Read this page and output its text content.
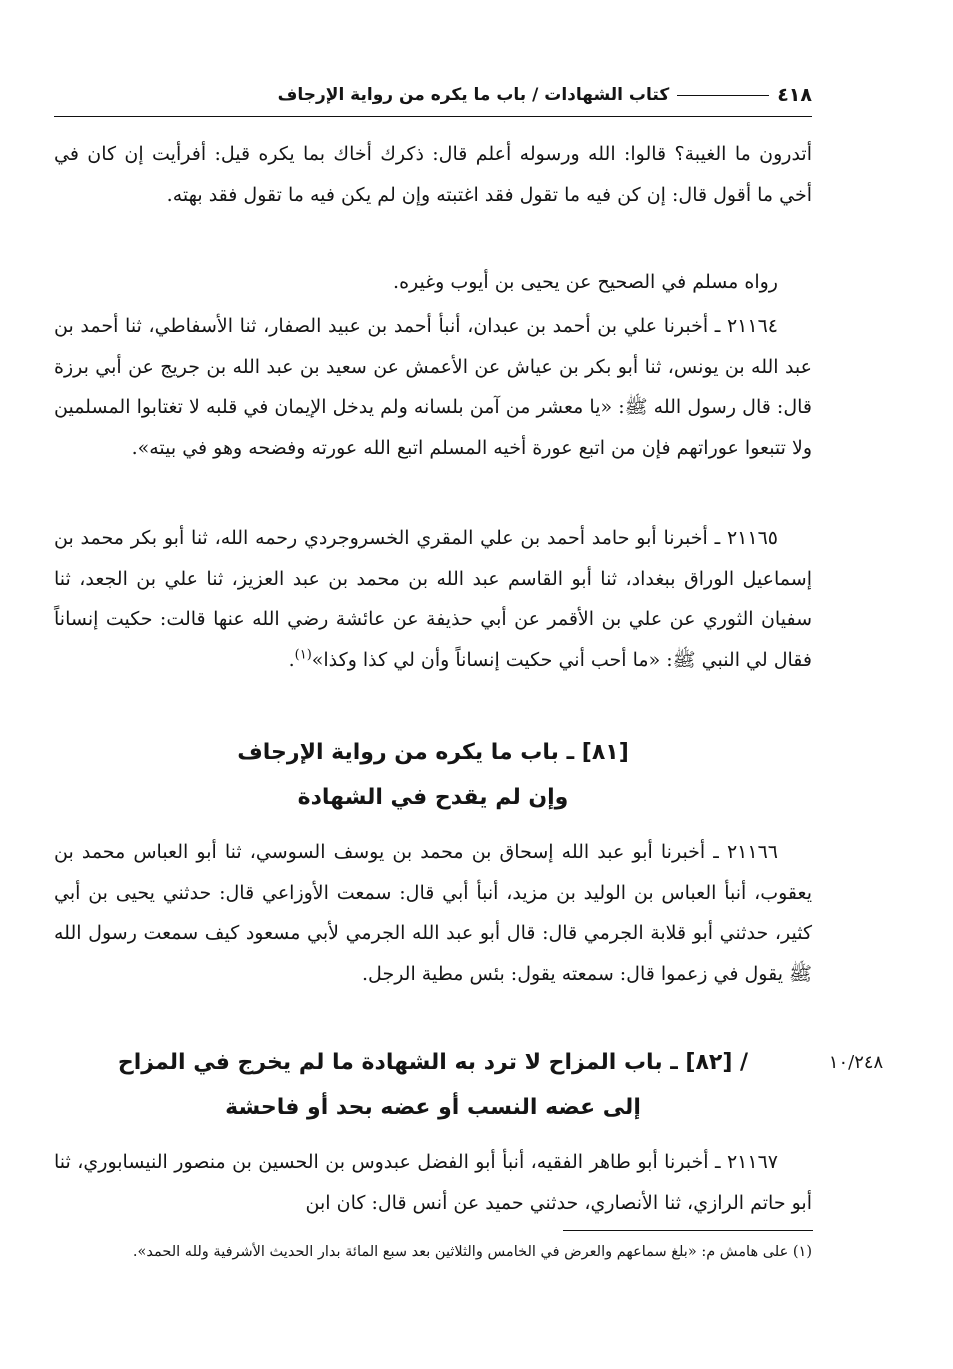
٤١٨
كتاب الشهادات / باب ما يكره من رواية الإرجاف

أتدرون ما الغيبة؟ قالوا: الله ورسوله أعلم قال: ذكرك أخاك بما يكره قيل: أفرأيت إن كان في أخي ما أقول قال: إن كن فيه ما تقول فقد اغتبته وإن لم يكن فيه ما تقول فقد بهته.

رواه مسلم في الصحيح عن يحيى بن أيوب وغيره.

٢١١٦٤ ـ أخبرنا علي بن أحمد بن عبدان، أنبأ أحمد بن عبيد الصفار، ثنا الأسفاطي، ثنا أحمد بن عبد الله بن يونس، ثنا أبو بكر بن عياش عن الأعمش عن سعيد بن عبد الله بن جريج عن أبي برزة قال: قال رسول الله ﷺ: «يا معشر من آمن بلسانه ولم يدخل الإيمان في قلبه لا تغتابوا المسلمين ولا تتبعوا عوراتهم فإن من اتبع عورة أخيه المسلم اتبع الله عورته وفضحه وهو في بيته».

٢١١٦٥ ـ أخبرنا أبو حامد أحمد بن علي المقري الخسروجردي رحمه الله، ثنا أبو بكر محمد بن إسماعيل الوراق ببغداد، ثنا أبو القاسم عبد الله بن محمد بن عبد العزيز، ثنا علي بن الجعد، ثنا سفيان الثوري عن علي بن الأقمر عن أبي حذيفة عن عائشة رضي الله عنها قالت: حكيت إنساناً فقال لي النبي ﷺ: «ما أحب أني حكيت إنساناً وأن لي كذا وكذا»$^{(١)}$.

[٨١] ـ باب ما يكره من رواية الإرجاف
وإن لم يقدح في الشهادة

٢١١٦٦ ـ أخبرنا أبو عبد الله إسحاق بن محمد بن يوسف السوسي، ثنا أبو العباس محمد بن يعقوب، أنبأ العباس بن الوليد بن مزيد، أنبأ أبي قال: سمعت الأوزاعي قال: حدثني يحيى بن أبي كثير، حدثني أبو قلابة الجرمي قال: قال أبو عبد الله الجرمي لأبي مسعود كيف سمعت رسول الله ﷺ يقول في زعموا قال: سمعته يقول: بئس مطية الرجل.

١٠/٢٤٨
/ [٨٢] ـ باب المزاح لا ترد به الشهادة ما لم يخرج في المزاح
إلى عضه النسب أو عضه بحد أو فاحشة

٢١١٦٧ ـ أخبرنا أبو طاهر الفقيه، أنبأ أبو الفضل عبدوس بن الحسين بن منصور النيسابوري، ثنا أبو حاتم الرازي، ثنا الأنصاري، حدثني حميد عن أنس قال: كان ابن

(١) على هامش م: «بلغ سماعهم والعرض في الخامس والثلاثين بعد سبع المائة بدار الحديث الأشرفية ولله الحمد».
